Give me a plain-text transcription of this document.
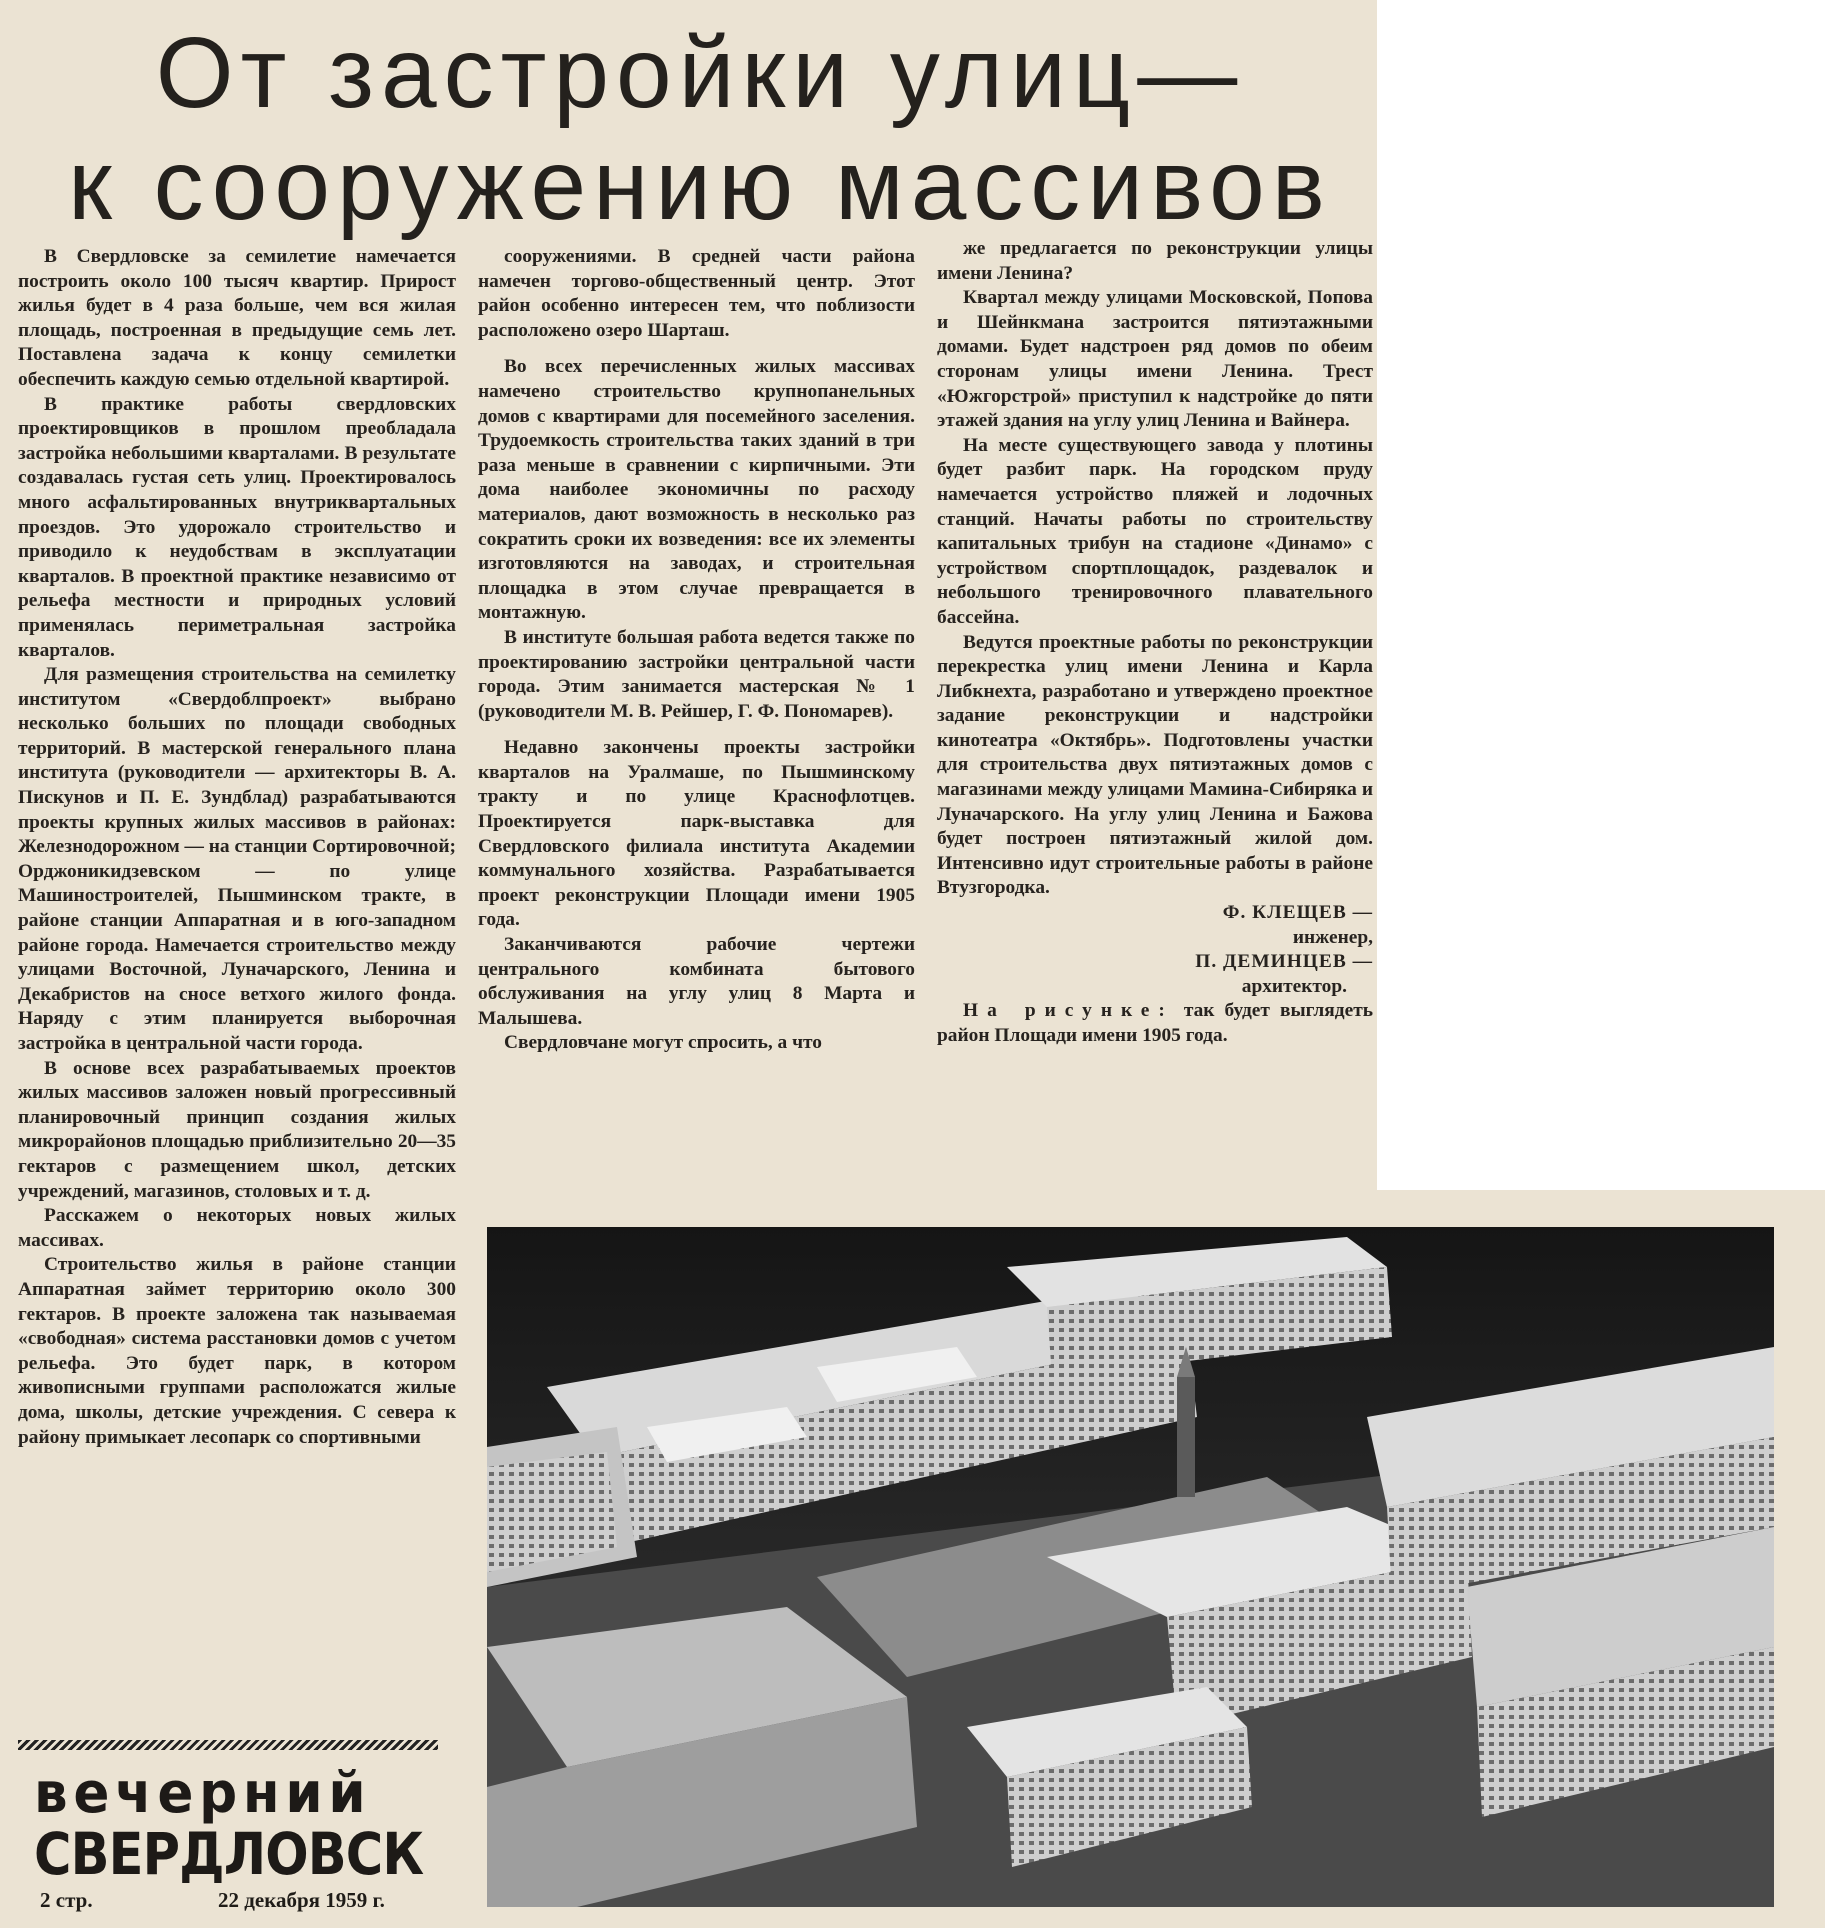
От застройки улиц—
к сооружению массивов

В Свердловске за семилетие намечается построить около 100 тысяч квартир. Прирост жилья будет в 4 раза больше, чем вся жилая площадь, построенная в предыдущие семь лет. Поставлена задача к концу семилетки обеспечить каждую семью отдельной квартирой.

В практике работы свердловских проектировщиков в прошлом преобладала застройка небольшими кварталами. В результате создавалась густая сеть улиц. Проектировалось много асфальтированных внутриквартальных проездов. Это удорожало строительство и приводило к неудобствам в эксплуатации кварталов. В проектной практике независимо от рельефа местности и природных условий применялась периметральная застройка кварталов.

Для размещения строительства на семилетку институтом «Свердоблпроект» выбрано несколько больших по площади свободных территорий. В мастерской генерального плана института (руководители — архитекторы В. А. Пискунов и П. Е. Зундблад) разрабатываются проекты крупных жилых массивов в районах: Железнодорожном — на станции Сортировочной; Орджоникидзевском — по улице Машиностроителей, Пышминском тракте, в районе станции Аппаратная и в юго-западном районе города. Намечается строительство между улицами Восточной, Луначарского, Ленина и Декабристов на сносе ветхого жилого фонда. Наряду с этим планируется выборочная застройка в центральной части города.

В основе всех разрабатываемых проектов жилых массивов заложен новый прогрессивный планировочный принцип создания жилых микрорайонов площадью приблизительно 20—35 гектаров с размещением школ, детских учреждений, магазинов, столовых и т. д.

Расскажем о некоторых новых жилых массивах.

Строительство жилья в районе станции Аппаратная займет территорию около 300 гектаров. В проекте заложена так называемая «свободная» система расстановки домов с учетом рельефа. Это будет парк, в котором живописными группами расположатся жилые дома, школы, детские учреждения. С севера к району примыкает лесопарк со спортивными

сооружениями. В средней части района намечен торгово-общественный центр. Этот район особенно интересен тем, что поблизости расположено озеро Шарташ.

Во всех перечисленных жилых массивах намечено строительство крупнопанельных домов с квартирами для посемейного заселения. Трудоемкость строительства таких зданий в три раза меньше в сравнении с кирпичными. Эти дома наиболее экономичны по расходу материалов, дают возможность в несколько раз сократить сроки их возведения: все их элементы изготовляются на заводах, и строительная площадка в этом случае превращается в монтажную.

В институте большая работа ведется также по проектированию застройки центральной части города. Этим занимается мастерская № 1 (руководители М. В. Рейшер, Г. Ф. Пономарев).

Недавно закончены проекты застройки кварталов на Уралмаше, по Пышминскому тракту и по улице Краснофлотцев. Проектируется парк-выставка для Свердловского филиала института Академии коммунального хозяйства. Разрабатывается проект реконструкции Площади имени 1905 года.

Заканчиваются рабочие чертежи центрального комбината бытового обслуживания на углу улиц 8 Марта и Малышева.

Свердловчане могут спросить, а что

же предлагается по реконструкции улицы имени Ленина?

Квартал между улицами Московской, Попова и Шейнкмана застроится пятиэтажными домами. Будет надстроен ряд домов по обеим сторонам улицы имени Ленина. Трест «Южгорстрой» приступил к надстройке до пяти этажей здания на углу улиц Ленина и Вайнера.

На месте существующего завода у плотины будет разбит парк. На городском пруду намечается устройство пляжей и лодочных станций. Начаты работы по строительству капитальных трибун на стадионе «Динамо» с устройством спортплощадок, раздевалок и небольшого тренировочного плавательного бассейна.

Ведутся проектные работы по реконструкции перекрестка улиц имени Ленина и Карла Либкнехта, разработано и утверждено проектное задание реконструкции и надстройки кинотеатра «Октябрь». Подготовлены участки для строительства двух пятиэтажных домов с магазинами между улицами Мамина-Сибиряка и Луначарского. На углу улиц Ленина и Бажова будет построен пятиэтажный жилой дом. Интенсивно идут строительные работы в районе Втузгородка.

Ф. КЛЕЩЕВ —

инженер,

П. ДЕМИНЦЕВ —

архитектор.

На рисунке: так будет выглядеть район Площади имени 1905 года.

вечерний
СВЕРДЛОВСК
2 стр.	22 декабря 1959 г.
